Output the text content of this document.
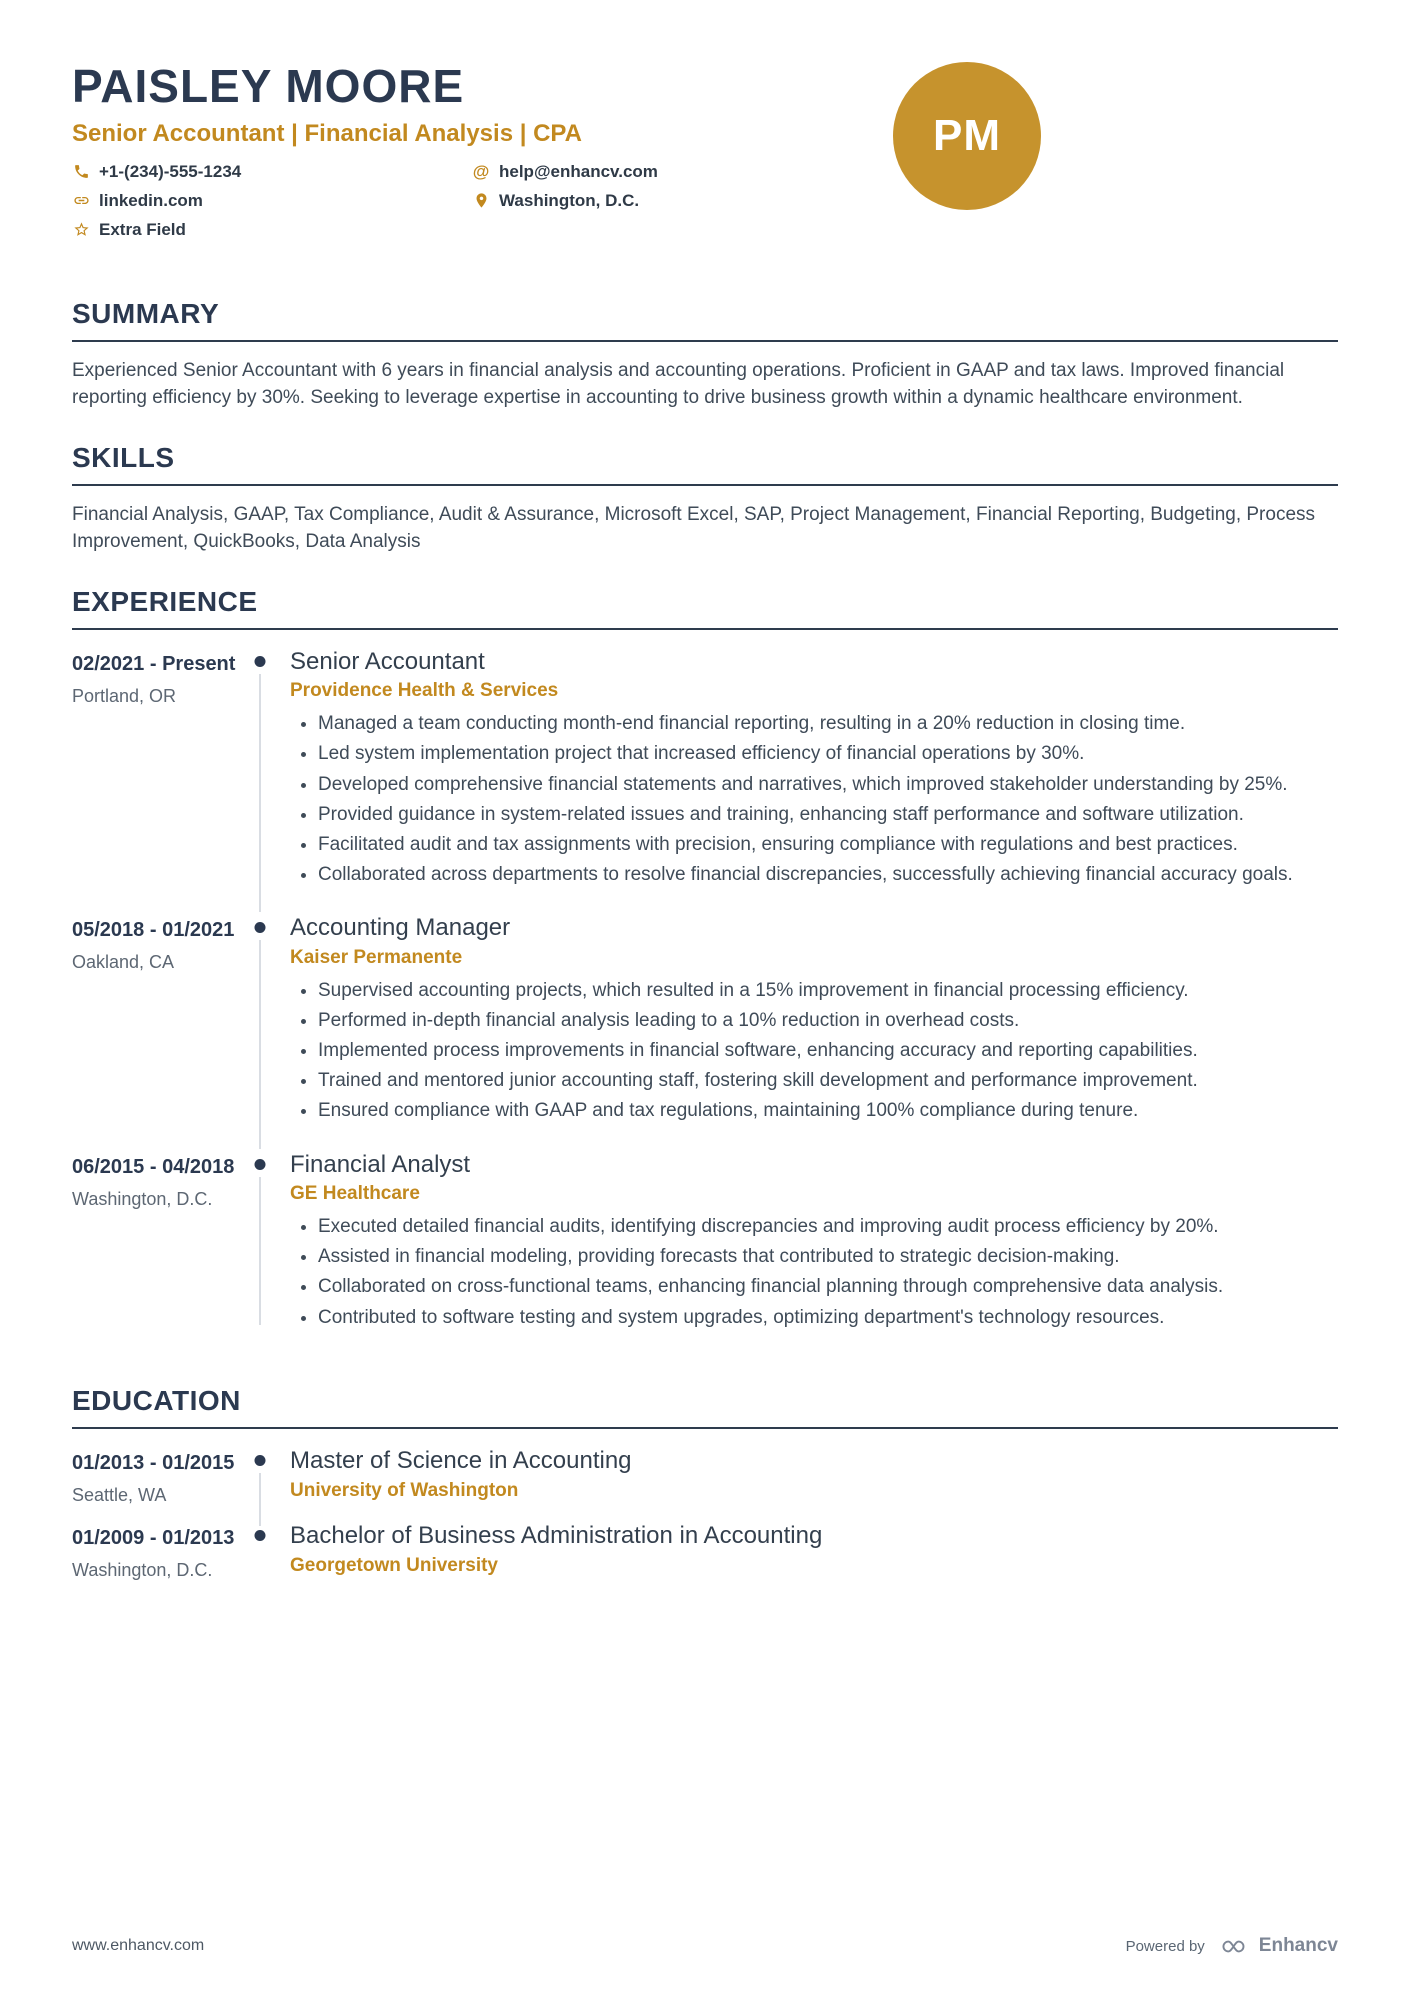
PAISLEY MOORE
Senior Accountant | Financial Analysis | CPA
+1-(234)-555-1234	@ help@enhancv.com
linkedin.com	Washington, D.C.
Extra Field
PM
SUMMARY

Experienced Senior Accountant with 6 years in financial analysis and accounting operations. Proficient in GAAP and tax laws. Improved financial reporting efficiency by 30%. Seeking to leverage expertise in accounting to drive business growth within a dynamic healthcare environment.

SKILLS

Financial Analysis, GAAP, Tax Compliance, Audit & Assurance, Microsoft Excel, SAP, Project Management, Financial Reporting, Budgeting, Process Improvement, QuickBooks, Data Analysis

EXPERIENCE
02/2021 - Present
Portland, OR
Senior Accountant
Providence Health & Services
• Managed a team conducting month-end financial reporting, resulting in a 20% reduction in closing time.
• Led system implementation project that increased efficiency of financial operations by 30%.
• Developed comprehensive financial statements and narratives, which improved stakeholder understanding by 25%.
• Provided guidance in system-related issues and training, enhancing staff performance and software utilization.
• Facilitated audit and tax assignments with precision, ensuring compliance with regulations and best practices.
• Collaborated across departments to resolve financial discrepancies, successfully achieving financial accuracy goals.
05/2018 - 01/2021
Oakland, CA
Accounting Manager
Kaiser Permanente
• Supervised accounting projects, which resulted in a 15% improvement in financial processing efficiency.
• Performed in-depth financial analysis leading to a 10% reduction in overhead costs.
• Implemented process improvements in financial software, enhancing accuracy and reporting capabilities.
• Trained and mentored junior accounting staff, fostering skill development and performance improvement.
• Ensured compliance with GAAP and tax regulations, maintaining 100% compliance during tenure.
06/2015 - 04/2018
Washington, D.C.
Financial Analyst
GE Healthcare
• Executed detailed financial audits, identifying discrepancies and improving audit process efficiency by 20%.
• Assisted in financial modeling, providing forecasts that contributed to strategic decision-making.
• Collaborated on cross-functional teams, enhancing financial planning through comprehensive data analysis.
• Contributed to software testing and system upgrades, optimizing department's technology resources.
EDUCATION
01/2013 - 01/2015
Seattle, WA
Master of Science in Accounting
University of Washington
01/2009 - 01/2013
Washington, D.C.
Bachelor of Business Administration in Accounting
Georgetown University
www.enhancv.com	Powered by	Enhancv
